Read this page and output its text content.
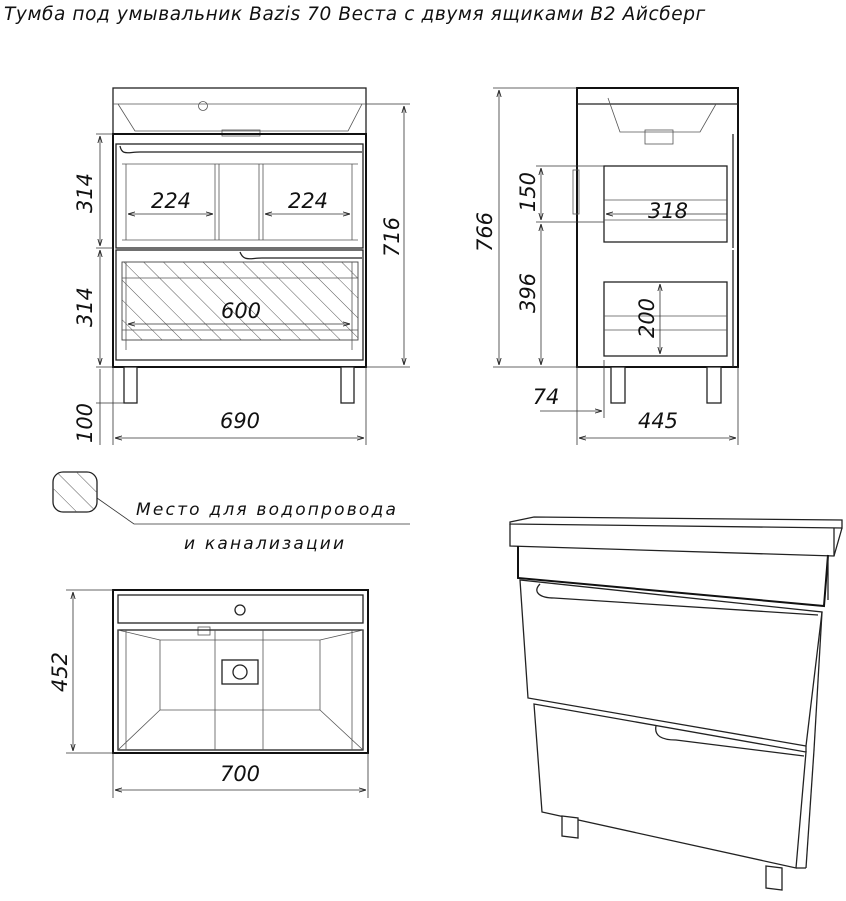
Тумба под умывальник Bazis 70 Веста с двумя ящиками В2 Айсберг
314
314
100
716
224	224
600
690
766
150
396
318
200
74
445
Место для водопровода
и канализации
452
700
